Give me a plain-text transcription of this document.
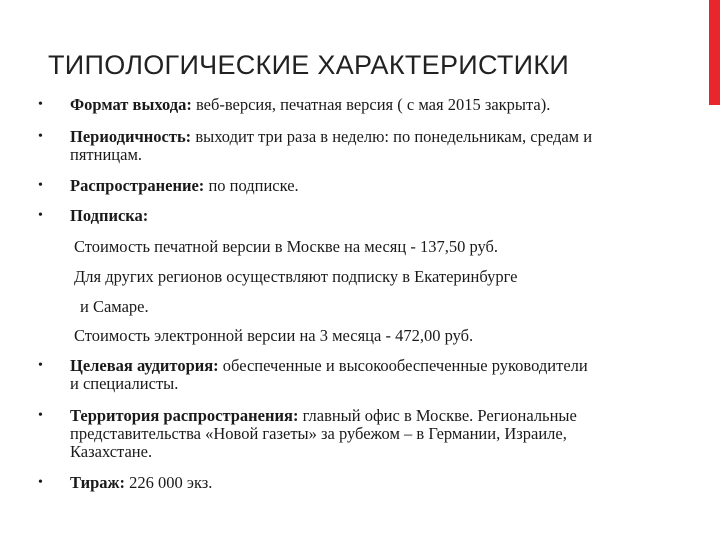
ТИПОЛОГИЧЕСКИЕ ХАРАКТЕРИСТИКИ
• Формат выхода: веб-версия, печатная версия ( с мая 2015 закрыта).
• Периодичность: выходит три раза в неделю: по понедельникам, средам и пятницам.
• Распространение: по подписке.
• Подписка:
Стоимость печатной версии в Москве на месяц - 137,50 руб.
Для других регионов осуществляют подписку в Екатеринбурге
и Самаре.
Стоимость электронной версии на 3 месяца - 472,00 руб.
• Целевая аудитория: обеспеченные и высокообеспеченные руководители и специалисты.
• Территория распространения: главный офис в Москве. Региональные представительства «Новой газеты» за рубежом – в Германии, Израиле, Казахстане.
• Тираж: 226 000 экз.
